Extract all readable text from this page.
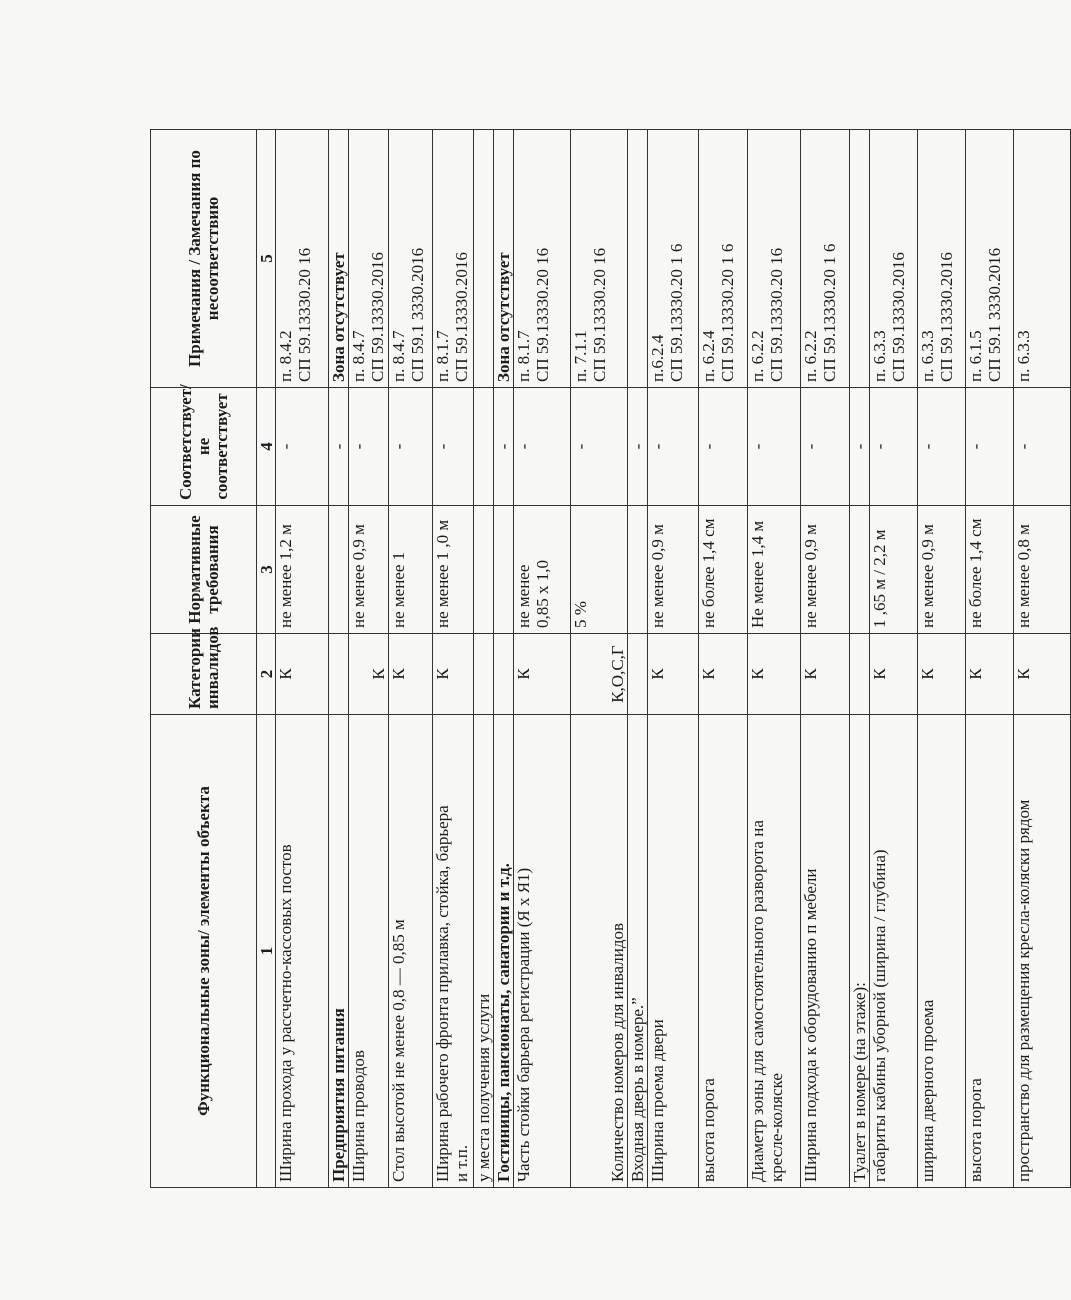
Функциональные зоны/ элементы объекта	Категории инвалидов	Нормативные требования	Соответствует/ не соответствует	Примечания / Замечания по несоответствию

1	2	3	4	5
Ширина прохода у рассчетно-кассовых постов	К	не менее 1,2 м	-	п. 8.4.2 СП 59.13330.20 16

Предприятия питания			-	Зона отсутствует
Ширина проводов	К	не менее 0,9 м	-	п. 8.4.7 СП 59.13330.2016

Стол высотой не менее 0,8 — 0,85 м	К	не менее 1	-	п. 8.4.7 СП 59.1 3330.2016

Ширина рабочего фронта прилавка, стойка, барьера и т.п.	К	не менее 1 ,0 м	-	п. 8.1.7 СП 59.13330.2016

у места получения услуги				
Гостиницы, пансионаты, санатории и т.д.			-	Зона отсутствует
Часть стойки барьера регистрации (Я х Я1)	К	не менее 0,85 х 1,0	-	п. 8.1.7 СП 59.13330.20 16

Количество номеров для инвалидов	К,О,С,Г	5 %	-	п. 7.1.1 СП 59.13330.20 16

Входная дверь в номере.”			-	
Ширина проема двери	К	не менее 0,9 м	-	п.6.2.4 СП 59.13330.20 1 6

высота порога	К	не более 1,4 см	-	п. 6.2.4 СП 59.13330.20 1 6

Диаметр зоны для самостоятельного разворота на кресле-коляске	К	Не менее 1,4 м	-	п. 6.2.2 СП 59.13330.20 16

Ширина подхода к оборудованию п мебели	К	не менее 0,9 м	-	п. 6.2.2 СП 59.13330.20 1 6

Туалет в номере (на этаже):			-	
габариты кабины уборной (ширина / глубина)	К	1 ,65 м / 2,2 м	-	п. 6.3.3 СП 59.13330.2016

ширина дверного проема	К	не менее 0,9 м	-	п. 6.3.3 СП 59.13330.2016

высота порога	К	не более 1,4 см	-	п. 6.1.5 СП 59.1 3330.2016

пространство для размещения кресла-коляски рядом	К	не менее 0,8 м	-	п. 6.3.3
